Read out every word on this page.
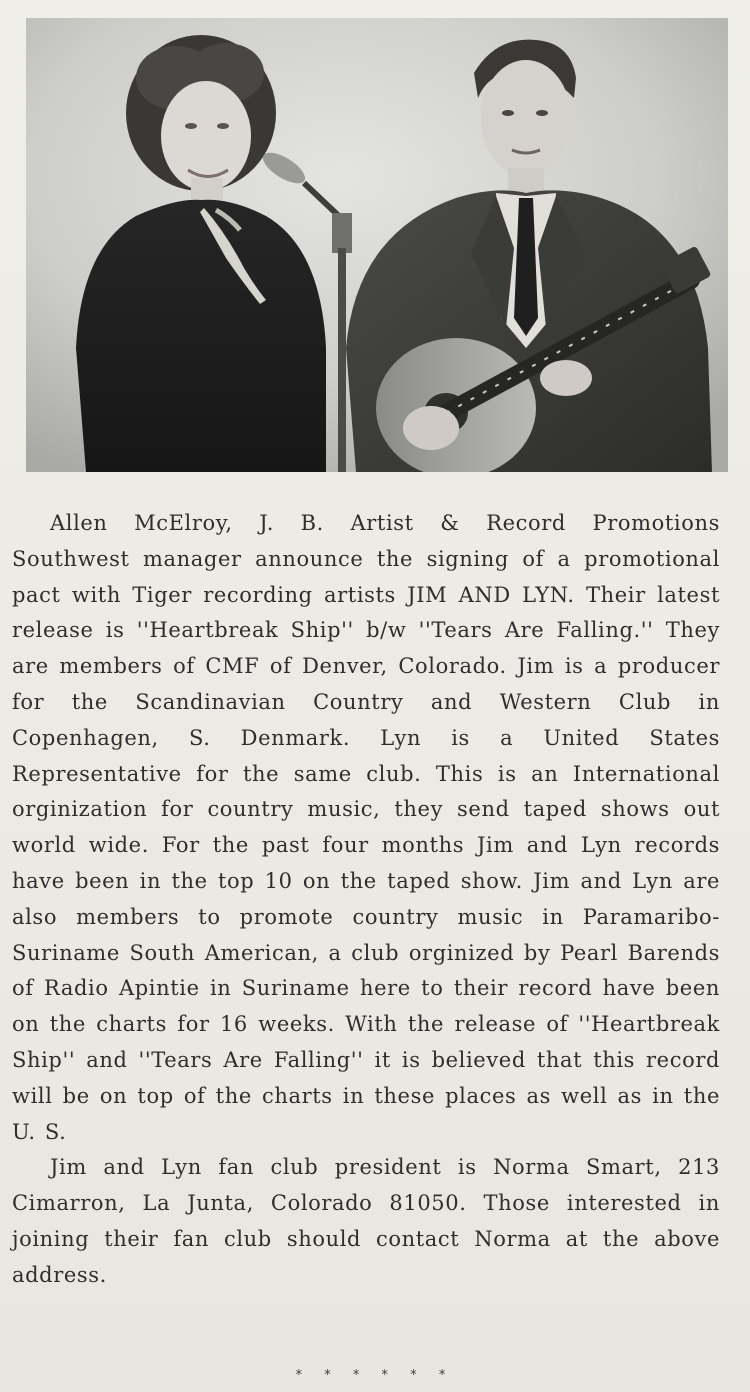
Allen McElroy, J. B. Artist & Record Promotions Southwest manager announce the signing of a promotional pact with Tiger recording artists JIM AND LYN. Their latest release is ''Heartbreak Ship'' b/w ''Tears Are Falling.'' They are members of CMF of Denver, Colorado. Jim is a producer for the Scandinavian Country and Western Club in Copenhagen, S. Denmark. Lyn is a United States Representative for the same club. This is an International orginization for country music, they send taped shows out world wide. For the past four months Jim and Lyn records have been in the top 10 on the taped show. Jim and Lyn are also members to promote country music in Paramaribo-Suriname South American, a club orginized by Pearl Barends of Radio Apintie in Suriname here to their record have been on the charts for 16 weeks. With the release of ''Heartbreak Ship'' and ''Tears Are Falling'' it is believed that this record will be on top of the charts in these places as well as in the U. S.

Jim and Lyn fan club president is Norma Smart, 213 Cimarron, La Junta, Colorado 81050. Those interested in joining their fan club should contact Norma at the above address.

* * * * * *
